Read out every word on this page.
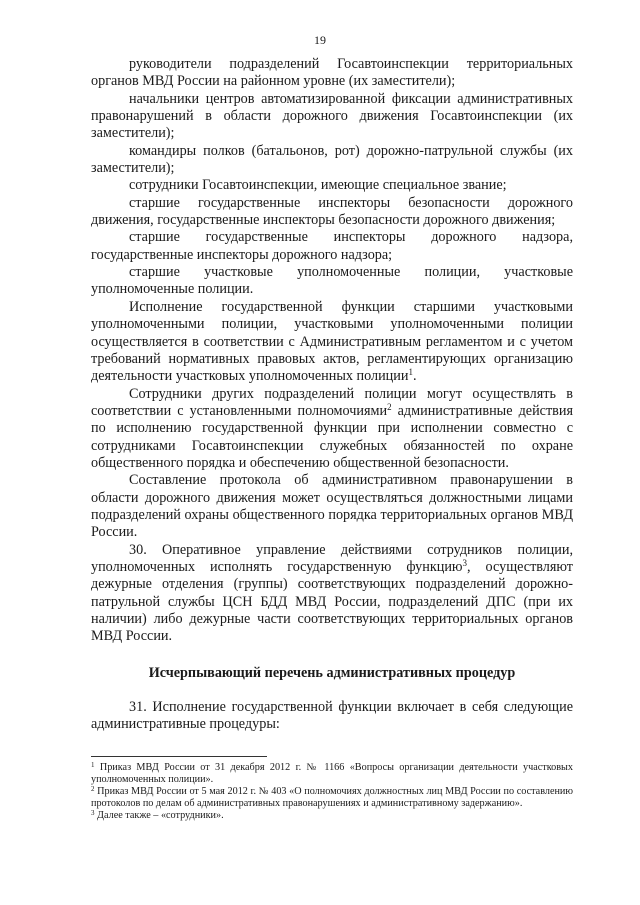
19

руководители подразделений Госавтоинспекции территориальных органов МВД России на районном уровне (их заместители);

начальники центров автоматизированной фиксации административных правонарушений в области дорожного движения Госавтоинспекции (их заместители);

командиры полков (батальонов, рот) дорожно-патрульной службы (их заместители);

сотрудники Госавтоинспекции, имеющие специальное звание;

старшие государственные инспекторы безопасности дорожного движения, государственные инспекторы безопасности дорожного движения;

старшие государственные инспекторы дорожного надзора, государственные инспекторы дорожного надзора;

старшие участковые уполномоченные полиции, участковые уполномоченные полиции.

Исполнение государственной функции старшими участковыми уполномоченными полиции, участковыми уполномоченными полиции осуществляется в соответствии с Административным регламентом и с учетом требований нормативных правовых актов, регламентирующих организацию деятельности участковых уполномоченных полиции$^1$.

Сотрудники других подразделений полиции могут осуществлять в соответствии с установленными полномочиями$^2$ административные действия по исполнению государственной функции при исполнении совместно с сотрудниками Госавтоинспекции служебных обязанностей по охране общественного порядка и обеспечению общественной безопасности.

Составление протокола об административном правонарушении в области дорожного движения может осуществляться должностными лицами подразделений охраны общественного порядка территориальных органов МВД России.

30. Оперативное управление действиями сотрудников полиции, уполномоченных исполнять государственную функцию$^3$, осуществляют дежурные отделения (группы) соответствующих подразделений дорожно-патрульной службы ЦСН БДД МВД России, подразделений ДПС (при их наличии) либо дежурные части соответствующих территориальных органов МВД России.

Исчерпывающий перечень административных процедур

31. Исполнение государственной функции включает в себя следующие административные процедуры:

$^1$ Приказ МВД России от 31 декабря 2012 г. № 1166 «Вопросы организации деятельности участковых уполномоченных полиции».

$^2$ Приказ МВД России от 5 мая 2012 г. № 403 «О полномочиях должностных лиц МВД России по составлению протоколов по делам об административных правонарушениях и административному задержанию».

$^3$ Далее также – «сотрудники».
